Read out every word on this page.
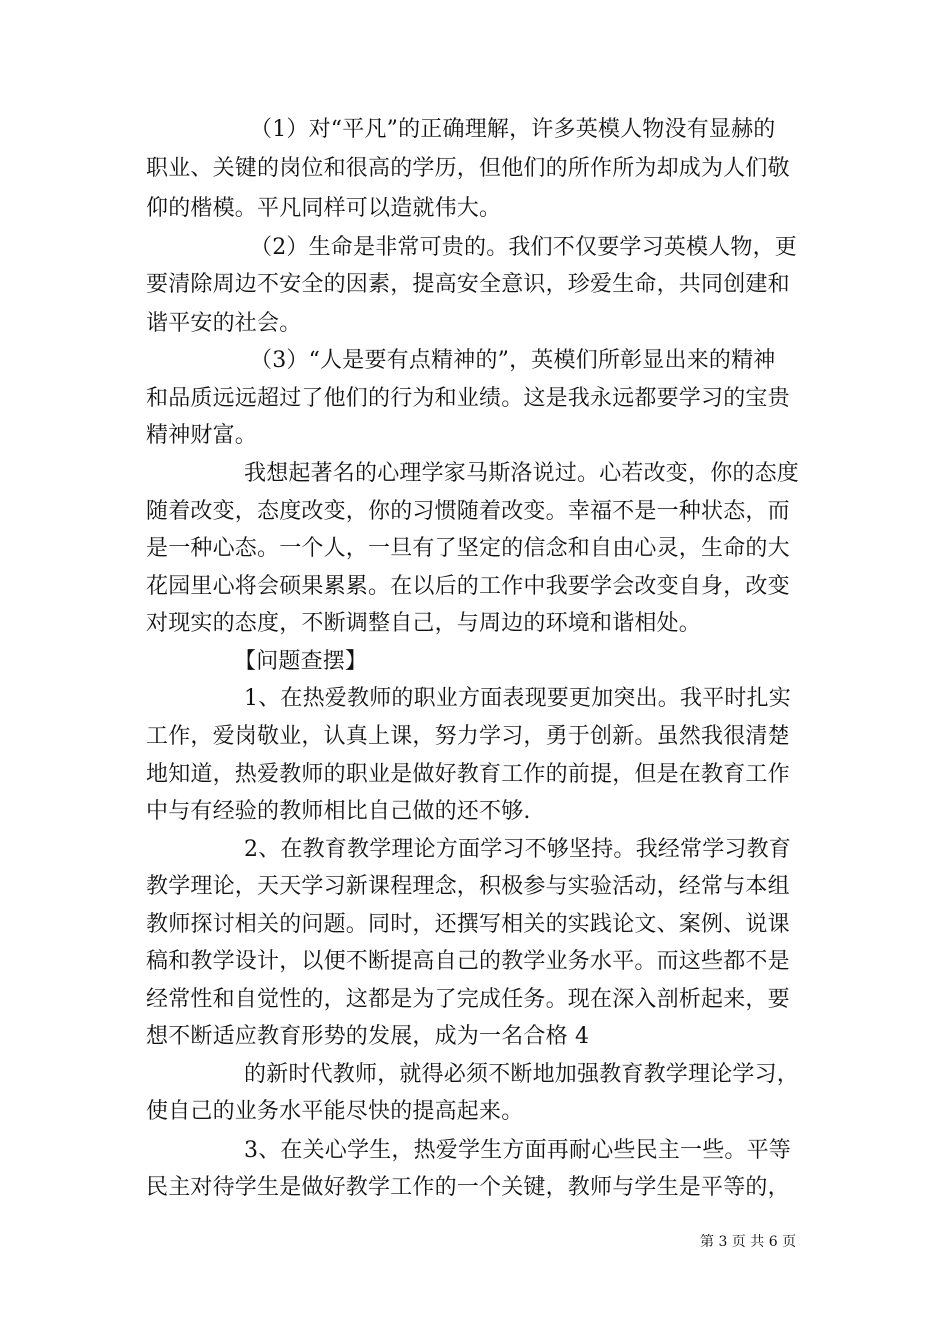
（1）对“平凡”的正确理解，许多英模人物没有显赫的
职业、关键的岗位和很高的学历，但他们的所作所为却成为人们敬
仰的楷模。平凡同样可以造就伟大。
（2）生命是非常可贵的。我们不仅要学习英模人物，更
要清除周边不安全的因素，提高安全意识，珍爱生命，共同创建和
谐平安的社会。
（3）“人是要有点精神的”，英模们所彰显出来的精神
和品质远远超过了他们的行为和业绩。这是我永远都要学习的宝贵
精神财富。
我想起著名的心理学家马斯洛说过。心若改变，你的态度
随着改变，态度改变，你的习惯随着改变。幸福不是一种状态，而
是一种心态。一个人，一旦有了坚定的信念和自由心灵，生命的大
花园里心将会硕果累累。在以后的工作中我要学会改变自身，改变
对现实的态度，不断调整自己，与周边的环境和谐相处。
【问题查摆】
1、在热爱教师的职业方面表现要更加突出。我平时扎实
工作，爱岗敬业，认真上课，努力学习，勇于创新。虽然我很清楚
地知道，热爱教师的职业是做好教育工作的前提，但是在教育工作
中与有经验的教师相比自己做的还不够.
2、在教育教学理论方面学习不够坚持。我经常学习教育
教学理论，天天学习新课程理念，积极参与实验活动，经常与本组
教师探讨相关的问题。同时，还撰写相关的实践论文、案例、说课
稿和教学设计，以便不断提高自己的教学业务水平。而这些都不是
经常性和自觉性的，这都是为了完成任务。现在深入剖析起来，要
想不断适应教育形势的发展，成为一名合格 4
的新时代教师，就得必须不断地加强教育教学理论学习，
使自己的业务水平能尽快的提高起来。
3、在关心学生，热爱学生方面再耐心些民主一些。平等
民主对待学生是做好教学工作的一个关键，教师与学生是平等的，
第 3 页 共 6 页
